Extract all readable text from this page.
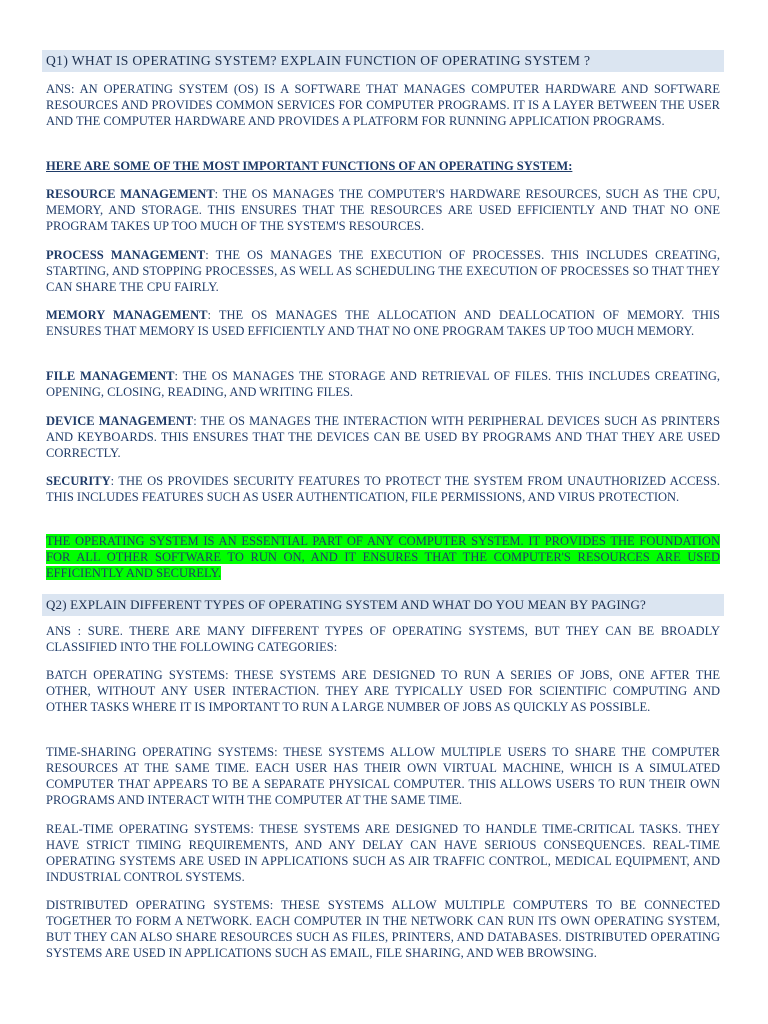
Q1) WHAT IS OPERATING SYSTEM? EXPLAIN FUNCTION OF OPERATING SYSTEM ?

ANS: AN OPERATING SYSTEM (OS) IS A SOFTWARE THAT MANAGES COMPUTER HARDWARE AND SOFTWARE RESOURCES AND PROVIDES COMMON SERVICES FOR COMPUTER PROGRAMS. IT IS A LAYER BETWEEN THE USER AND THE COMPUTER HARDWARE AND PROVIDES A PLATFORM FOR RUNNING APPLICATION PROGRAMS.

HERE ARE SOME OF THE MOST IMPORTANT FUNCTIONS OF AN OPERATING SYSTEM:

RESOURCE MANAGEMENT: THE OS MANAGES THE COMPUTER'S HARDWARE RESOURCES, SUCH AS THE CPU, MEMORY, AND STORAGE. THIS ENSURES THAT THE RESOURCES ARE USED EFFICIENTLY AND THAT NO ONE PROGRAM TAKES UP TOO MUCH OF THE SYSTEM'S RESOURCES.

PROCESS MANAGEMENT: THE OS MANAGES THE EXECUTION OF PROCESSES. THIS INCLUDES CREATING, STARTING, AND STOPPING PROCESSES, AS WELL AS SCHEDULING THE EXECUTION OF PROCESSES SO THAT THEY CAN SHARE THE CPU FAIRLY.

MEMORY MANAGEMENT: THE OS MANAGES THE ALLOCATION AND DEALLOCATION OF MEMORY. THIS ENSURES THAT MEMORY IS USED EFFICIENTLY AND THAT NO ONE PROGRAM TAKES UP TOO MUCH MEMORY.

FILE MANAGEMENT: THE OS MANAGES THE STORAGE AND RETRIEVAL OF FILES. THIS INCLUDES CREATING, OPENING, CLOSING, READING, AND WRITING FILES.

DEVICE MANAGEMENT: THE OS MANAGES THE INTERACTION WITH PERIPHERAL DEVICES SUCH AS PRINTERS AND KEYBOARDS. THIS ENSURES THAT THE DEVICES CAN BE USED BY PROGRAMS AND THAT THEY ARE USED CORRECTLY.

SECURITY: THE OS PROVIDES SECURITY FEATURES TO PROTECT THE SYSTEM FROM UNAUTHORIZED ACCESS. THIS INCLUDES FEATURES SUCH AS USER AUTHENTICATION, FILE PERMISSIONS, AND VIRUS PROTECTION.

THE OPERATING SYSTEM IS AN ESSENTIAL PART OF ANY COMPUTER SYSTEM. IT PROVIDES THE FOUNDATION FOR ALL OTHER SOFTWARE TO RUN ON, AND IT ENSURES THAT THE COMPUTER'S RESOURCES ARE USED EFFICIENTLY AND SECURELY.

Q2) EXPLAIN DIFFERENT TYPES OF OPERATING SYSTEM AND WHAT DO YOU MEAN BY PAGING?

ANS : SURE. THERE ARE MANY DIFFERENT TYPES OF OPERATING SYSTEMS, BUT THEY CAN BE BROADLY CLASSIFIED INTO THE FOLLOWING CATEGORIES:

BATCH OPERATING SYSTEMS: THESE SYSTEMS ARE DESIGNED TO RUN A SERIES OF JOBS, ONE AFTER THE OTHER, WITHOUT ANY USER INTERACTION. THEY ARE TYPICALLY USED FOR SCIENTIFIC COMPUTING AND OTHER TASKS WHERE IT IS IMPORTANT TO RUN A LARGE NUMBER OF JOBS AS QUICKLY AS POSSIBLE.

TIME-SHARING OPERATING SYSTEMS: THESE SYSTEMS ALLOW MULTIPLE USERS TO SHARE THE COMPUTER RESOURCES AT THE SAME TIME. EACH USER HAS THEIR OWN VIRTUAL MACHINE, WHICH IS A SIMULATED COMPUTER THAT APPEARS TO BE A SEPARATE PHYSICAL COMPUTER. THIS ALLOWS USERS TO RUN THEIR OWN PROGRAMS AND INTERACT WITH THE COMPUTER AT THE SAME TIME.

REAL-TIME OPERATING SYSTEMS: THESE SYSTEMS ARE DESIGNED TO HANDLE TIME-CRITICAL TASKS. THEY HAVE STRICT TIMING REQUIREMENTS, AND ANY DELAY CAN HAVE SERIOUS CONSEQUENCES. REAL-TIME OPERATING SYSTEMS ARE USED IN APPLICATIONS SUCH AS AIR TRAFFIC CONTROL, MEDICAL EQUIPMENT, AND INDUSTRIAL CONTROL SYSTEMS.

DISTRIBUTED OPERATING SYSTEMS: THESE SYSTEMS ALLOW MULTIPLE COMPUTERS TO BE CONNECTED TOGETHER TO FORM A NETWORK. EACH COMPUTER IN THE NETWORK CAN RUN ITS OWN OPERATING SYSTEM, BUT THEY CAN ALSO SHARE RESOURCES SUCH AS FILES, PRINTERS, AND DATABASES. DISTRIBUTED OPERATING SYSTEMS ARE USED IN APPLICATIONS SUCH AS EMAIL, FILE SHARING, AND WEB BROWSING.
